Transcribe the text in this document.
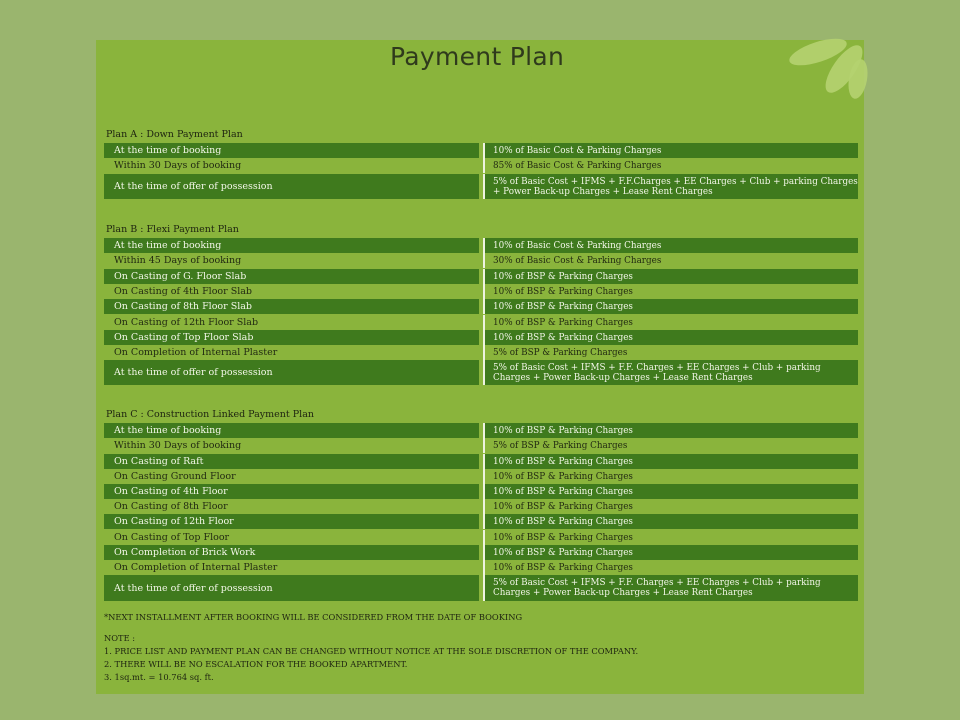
Payment Plan
Plan A : Down Payment Plan
At the time of booking	10% of Basic Cost & Parking Charges
Within 30 Days of booking	85% of Basic Cost & Parking Charges
At the time of offer of possession	5% of Basic Cost + IFMS + F.F.Charges + EE Charges + Club + parking Charges + Power Back-up Charges + Lease Rent Charges
Plan B : Flexi Payment Plan
At the time of booking	10% of Basic Cost & Parking Charges
Within 45 Days of booking	30% of Basic Cost & Parking Charges
On Casting of G. Floor Slab	10% of BSP & Parking Charges
On Casting of 4th Floor Slab	10% of BSP & Parking Charges
On Casting of 8th Floor Slab	10% of BSP & Parking Charges
On Casting of 12th Floor Slab	10% of BSP & Parking Charges
On Casting of Top Floor Slab	10% of BSP & Parking Charges
On Completion of Internal Plaster	5% of BSP & Parking Charges
At the time of offer of possession	5% of Basic Cost + IFMS + F.F. Charges + EE Charges + Club + parking Charges + Power Back-up Charges + Lease Rent Charges
Plan C : Construction Linked Payment Plan
At the time of booking	10% of BSP & Parking Charges
Within 30 Days of booking	5% of BSP & Parking Charges
On Casting of Raft	10% of BSP & Parking Charges
On Casting Ground Floor	10% of BSP & Parking Charges
On Casting of 4th Floor	10% of BSP & Parking Charges
On Casting of 8th Floor	10% of BSP & Parking Charges
On Casting of 12th Floor	10% of BSP & Parking Charges
On Casting of Top Floor	10% of BSP & Parking Charges
On Completion of Brick Work	10% of BSP & Parking Charges
On Completion of Internal Plaster	10% of BSP & Parking Charges
At the time of offer of possession	5% of Basic Cost + IFMS + F.F. Charges + EE Charges + Club + parking Charges + Power Back-up Charges + Lease Rent Charges
*NEXT INSTALLMENT AFTER BOOKING WILL BE CONSIDERED FROM THE DATE OF BOOKING
NOTE :
1. PRICE LIST AND PAYMENT PLAN CAN BE CHANGED WITHOUT NOTICE AT THE SOLE DISCRETION OF THE COMPANY.
2. THERE WILL BE NO ESCALATION FOR THE BOOKED APARTMENT.
3. 1sq.mt. = 10.764 sq. ft.
